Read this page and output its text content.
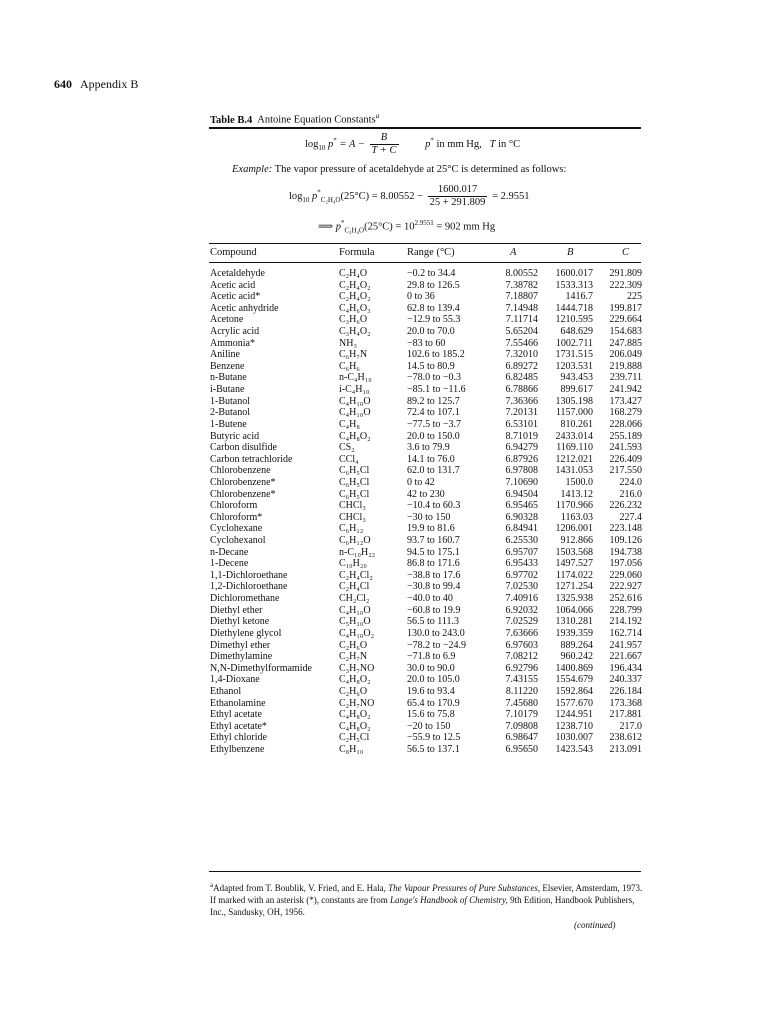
640 Appendix B
Table B.4 Antoine Equation Constants$^a$
$\log_{10} p^* = A - \frac{B}{T + C}$	p* in mm Hg, T in °C
Example: The vapor pressure of acetaldehyde at 25°C is determined as follows:
$\log_{10} p^*_{C_2H_4O}(25^\circ C) = 8.00552 - \frac{1600.017}{25 + 291.809} = 2.9551$
⟹ $p^*_{C_2H_4O}(25^\circ C) = 10^{2.9551} = 902$ mm Hg
Compound	Formula	Range (°C)	A	B	C
Acetaldehyde	C₂H₄O	−0.2 to 34.4	8.00552	1600.017	291.809
Acetic acid	C₂H₄O₂	29.8 to 126.5	7.38782	1533.313	222.309
Acetic acid*	C₂H₄O₂	0 to 36	7.18807	1416.7	225
Acetic anhydride	C₄H₆O₃	62.8 to 139.4	7.14948	1444.718	199.817
Acetone	C₃H₆O	−12.9 to 55.3	7.11714	1210.595	229.664
Acrylic acid	C₃H₄O₂	20.0 to 70.0	5.65204	648.629	154.683
Ammonia*	NH₃	−83 to 60	7.55466	1002.711	247.885
Aniline	C₆H₇N	102.6 to 185.2	7.32010	1731.515	206.049
Benzene	C₆H₆	14.5 to 80.9	6.89272	1203.531	219.888
n-Butane	n-C₄H₁₀	−78.0 to −0.3	6.82485	943.453	239.711
i-Butane	i-C₄H₁₀	−85.1 to −11.6	6.78866	899.617	241.942
1-Butanol	C₄H₁₀O	89.2 to 125.7	7.36366	1305.198	173.427
2-Butanol	C₄H₁₀O	72.4 to 107.1	7.20131	1157.000	168.279
1-Butene	C₄H₈	−77.5 to −3.7	6.53101	810.261	228.066
Butyric acid	C₄H₈O₂	20.0 to 150.0	8.71019	2433.014	255.189
Carbon disulfide	CS₂	3.6 to 79.9	6.94279	1169.110	241.593
Carbon tetrachloride	CCl₄	14.1 to 76.0	6.87926	1212.021	226.409
Chlorobenzene	C₆H₅Cl	62.0 to 131.7	6.97808	1431.053	217.550
Chlorobenzene*	C₆H₅Cl	0 to 42	7.10690	1500.0	224.0
Chlorobenzene*	C₆H₅Cl	42 to 230	6.94504	1413.12	216.0
Chloroform	CHCl₃	−10.4 to 60.3	6.95465	1170.966	226.232
Chloroform*	CHCl₃	−30 to 150	6.90328	1163.03	227.4
Cyclohexane	C₆H₁₂	19.9 to 81.6	6.84941	1206.001	223.148
Cyclohexanol	C₆H₁₂O	93.7 to 160.7	6.25530	912.866	109.126
n-Decane	n-C₁₀H₂₂	94.5 to 175.1	6.95707	1503.568	194.738
1-Decene	C₁₀H₂₀	86.8 to 171.6	6.95433	1497.527	197.056
1,1-Dichloroethane	C₂H₄Cl₂	−38.8 to 17.6	6.97702	1174.022	229.060
1,2-Dichloroethane	C₂H₄Cl	−30.8 to 99.4	7.02530	1271.254	222.927
Dichloromethane	CH₂Cl₂	−40.0 to 40	7.40916	1325.938	252.616
Diethyl ether	C₄H₁₀O	−60.8 to 19.9	6.92032	1064.066	228.799
Diethyl ketone	C₅H₁₀O	56.5 to 111.3	7.02529	1310.281	214.192
Diethylene glycol	C₄H₁₀O₂	130.0 to 243.0	7.63666	1939.359	162.714
Dimethyl ether	C₂H₆O	−78.2 to −24.9	6.97603	889.264	241.957
Dimethylamine	C₂H₇N	−71.8 to 6.9	7.08212	960.242	221.667
N,N-Dimethylformamide	C₃H₇NO	30.0 to 90.0	6.92796	1400.869	196.434
1,4-Dioxane	C₄H₈O₂	20.0 to 105.0	7.43155	1554.679	240.337
Ethanol	C₂H₆O	19.6 to 93.4	8.11220	1592.864	226.184
Ethanolamine	C₂H₇NO	65.4 to 170.9	7.45680	1577.670	173.368
Ethyl acetate	C₄H₈O₂	15.6 to 75.8	7.10179	1244.951	217.881
Ethyl acetate*	C₄H₈O₂	−20 to 150	7.09808	1238.710	217.0
Ethyl chloride	C₂H₅Cl	−55.9 to 12.5	6.98647	1030.007	238.612
Ethylbenzene	C₈H₁₀	56.5 to 137.1	6.95650	1423.543	213.091
$^a$Adapted from T. Boublik, V. Fried, and E. Hala, The Vapour Pressures of Pure Substances, Elsevier, Amsterdam, 1973. If marked with an asterisk (*), constants are from Lange's Handbook of Chemistry, 9th Edition, Handbook Publishers, Inc., Sandusky, OH, 1956.
(continued)
